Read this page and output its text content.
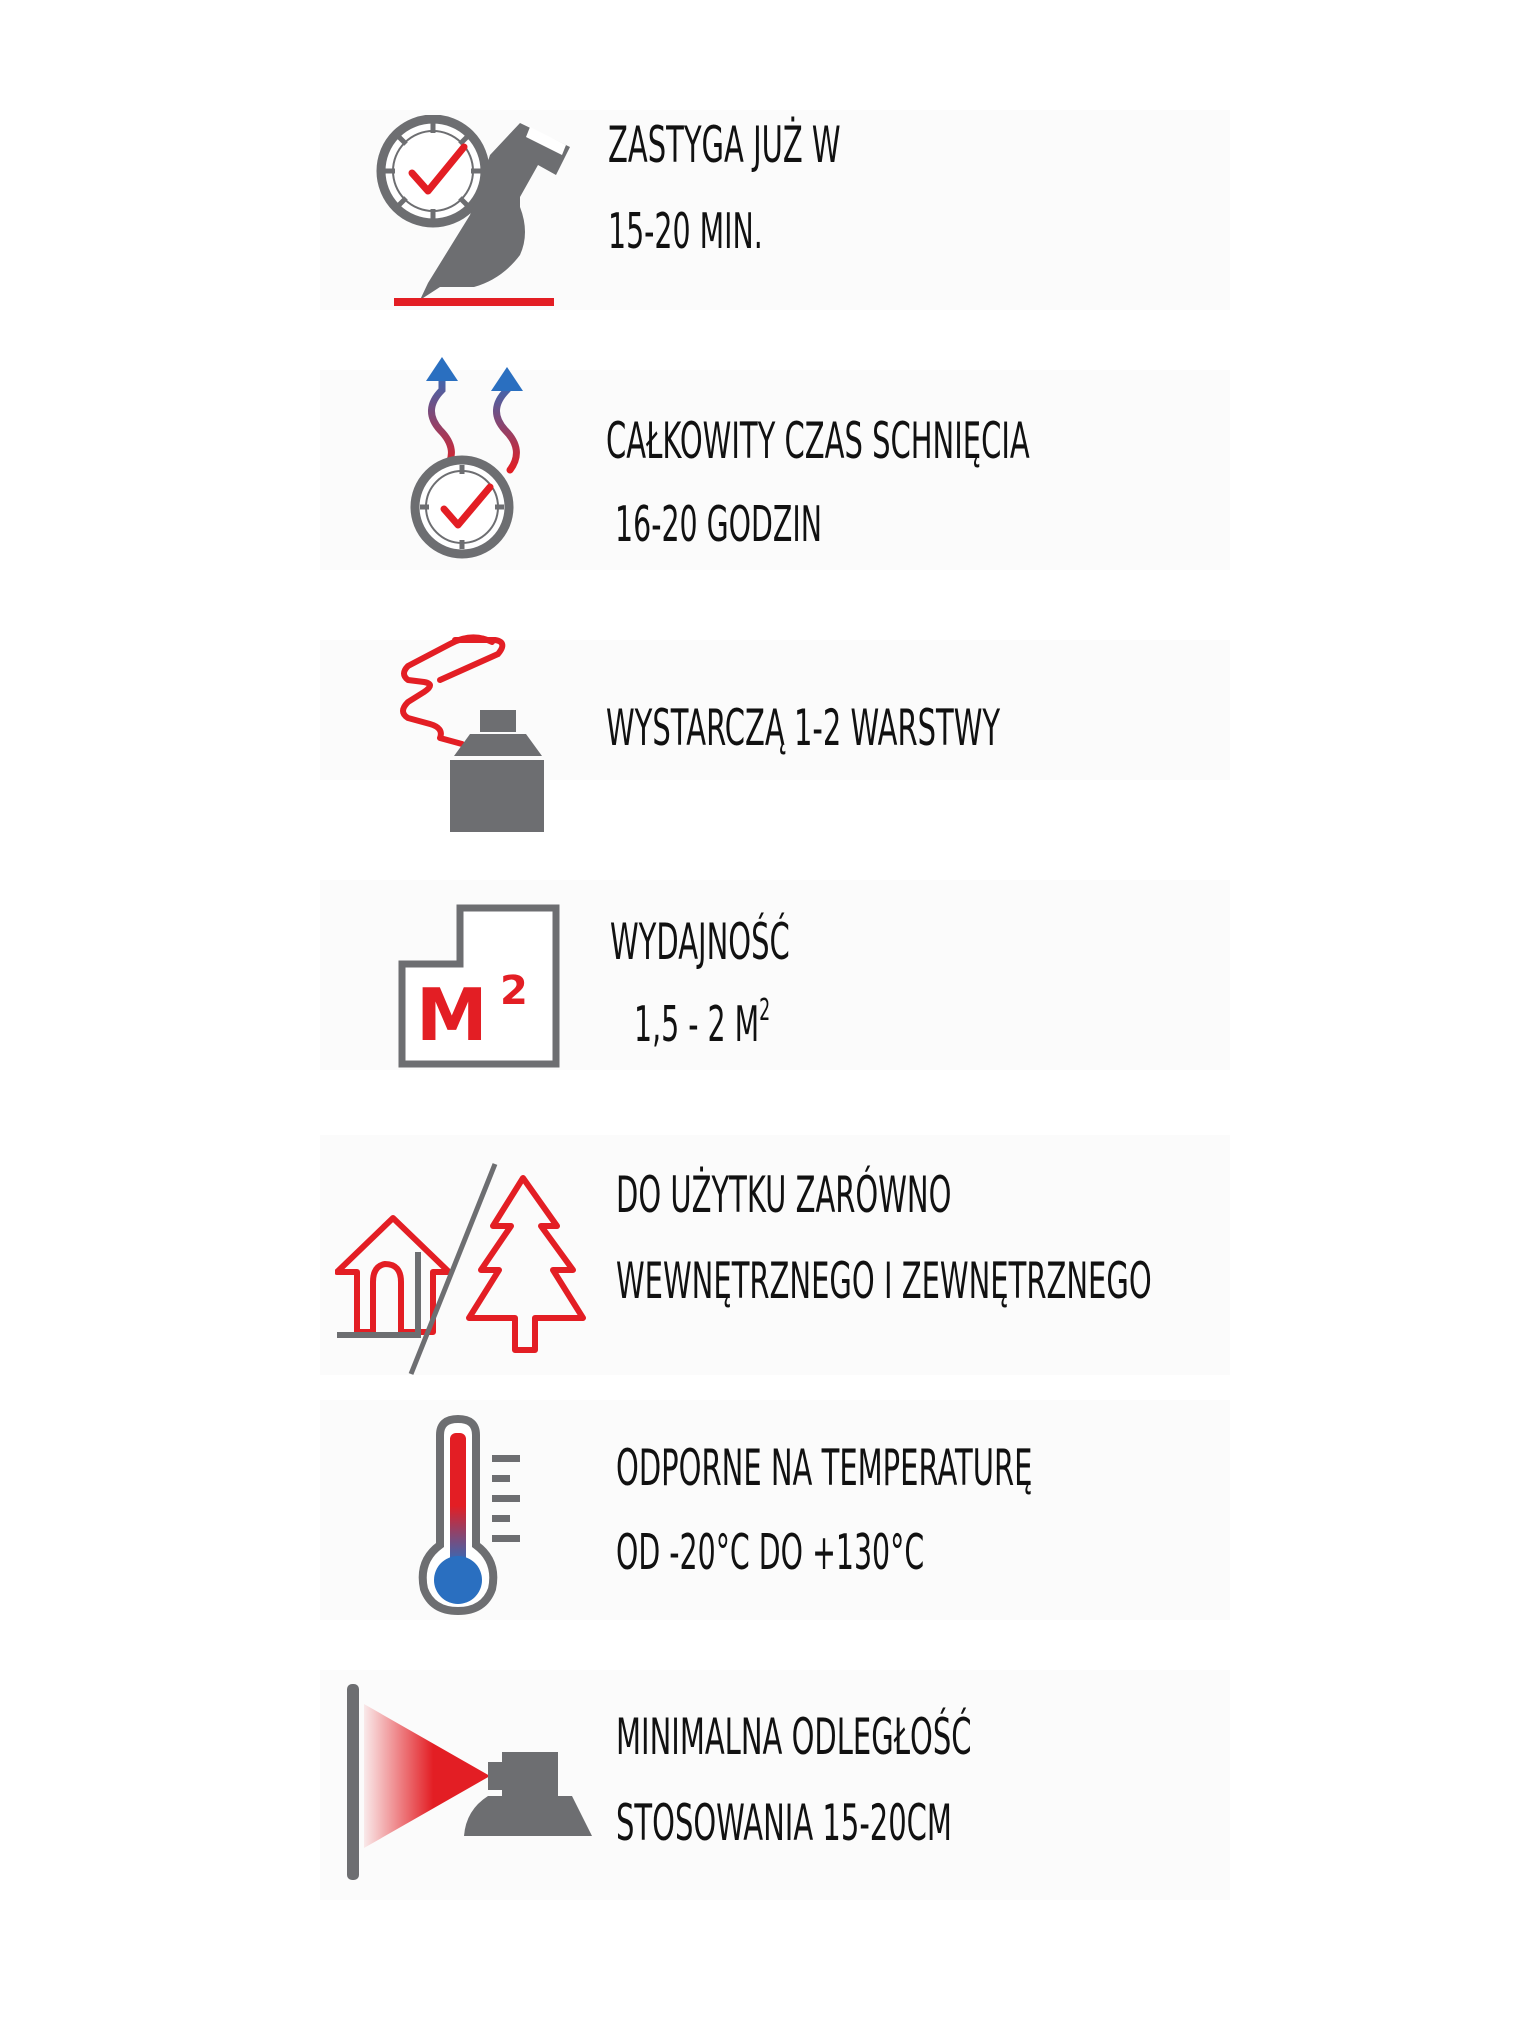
ZASTYGA JUŻ W
15-20 MIN.
CAŁKOWITY CZAS SCHNIĘCIA
16-20 GODZIN
WYSTARCZĄ 1-2 WARSTWY
M 2
WYDAJNOŚĆ
1,5 - 2 $M^2$
DO UŻYTKU ZARÓWNO
WEWNĘTRZNEGO I ZEWNĘTRZNEGO
ODPORNE NA TEMPERATURĘ
OD -20°C DO +130°C
MINIMALNA ODLEGŁOŚĆ
STOSOWANIA 15-20CM
